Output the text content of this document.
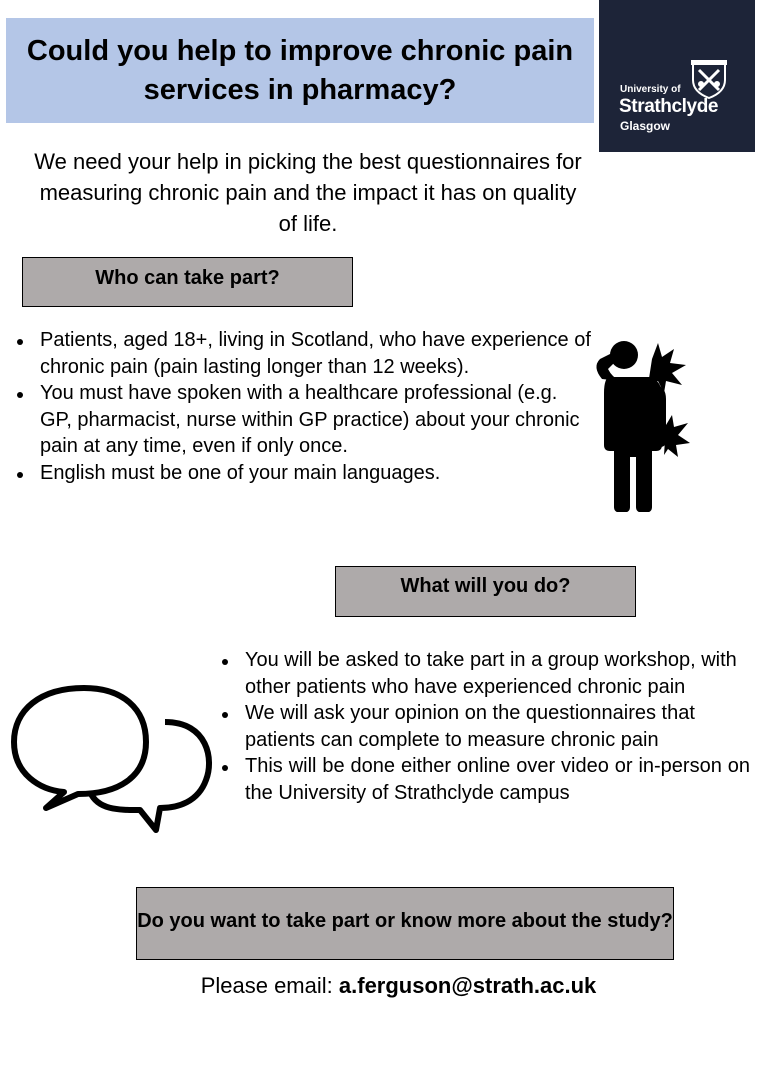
Could you help to improve chronic pain services in pharmacy?	University of
Strathclyde
Glasgow

We need your help in picking the best questionnaires for measuring chronic pain and the impact it has on quality of life.

Who can take part?
Patients, aged 18+, living in Scotland, who have experience of chronic pain (pain lasting longer than 12 weeks).
You must have spoken with a healthcare professional (e.g. GP, pharmacist, nurse within GP practice) about your chronic pain at any time, even if only once.
English must be one of your main languages.
What will you do?
You will be asked to take part in a group workshop, with other patients who have experienced chronic pain
We will ask your opinion on the questionnaires that patients can complete to measure chronic pain
This will be done either online over video or in-person on the University of Strathclyde campus
Do you want to take part or know more about the study?
Please email: a.ferguson@strath.ac.uk
